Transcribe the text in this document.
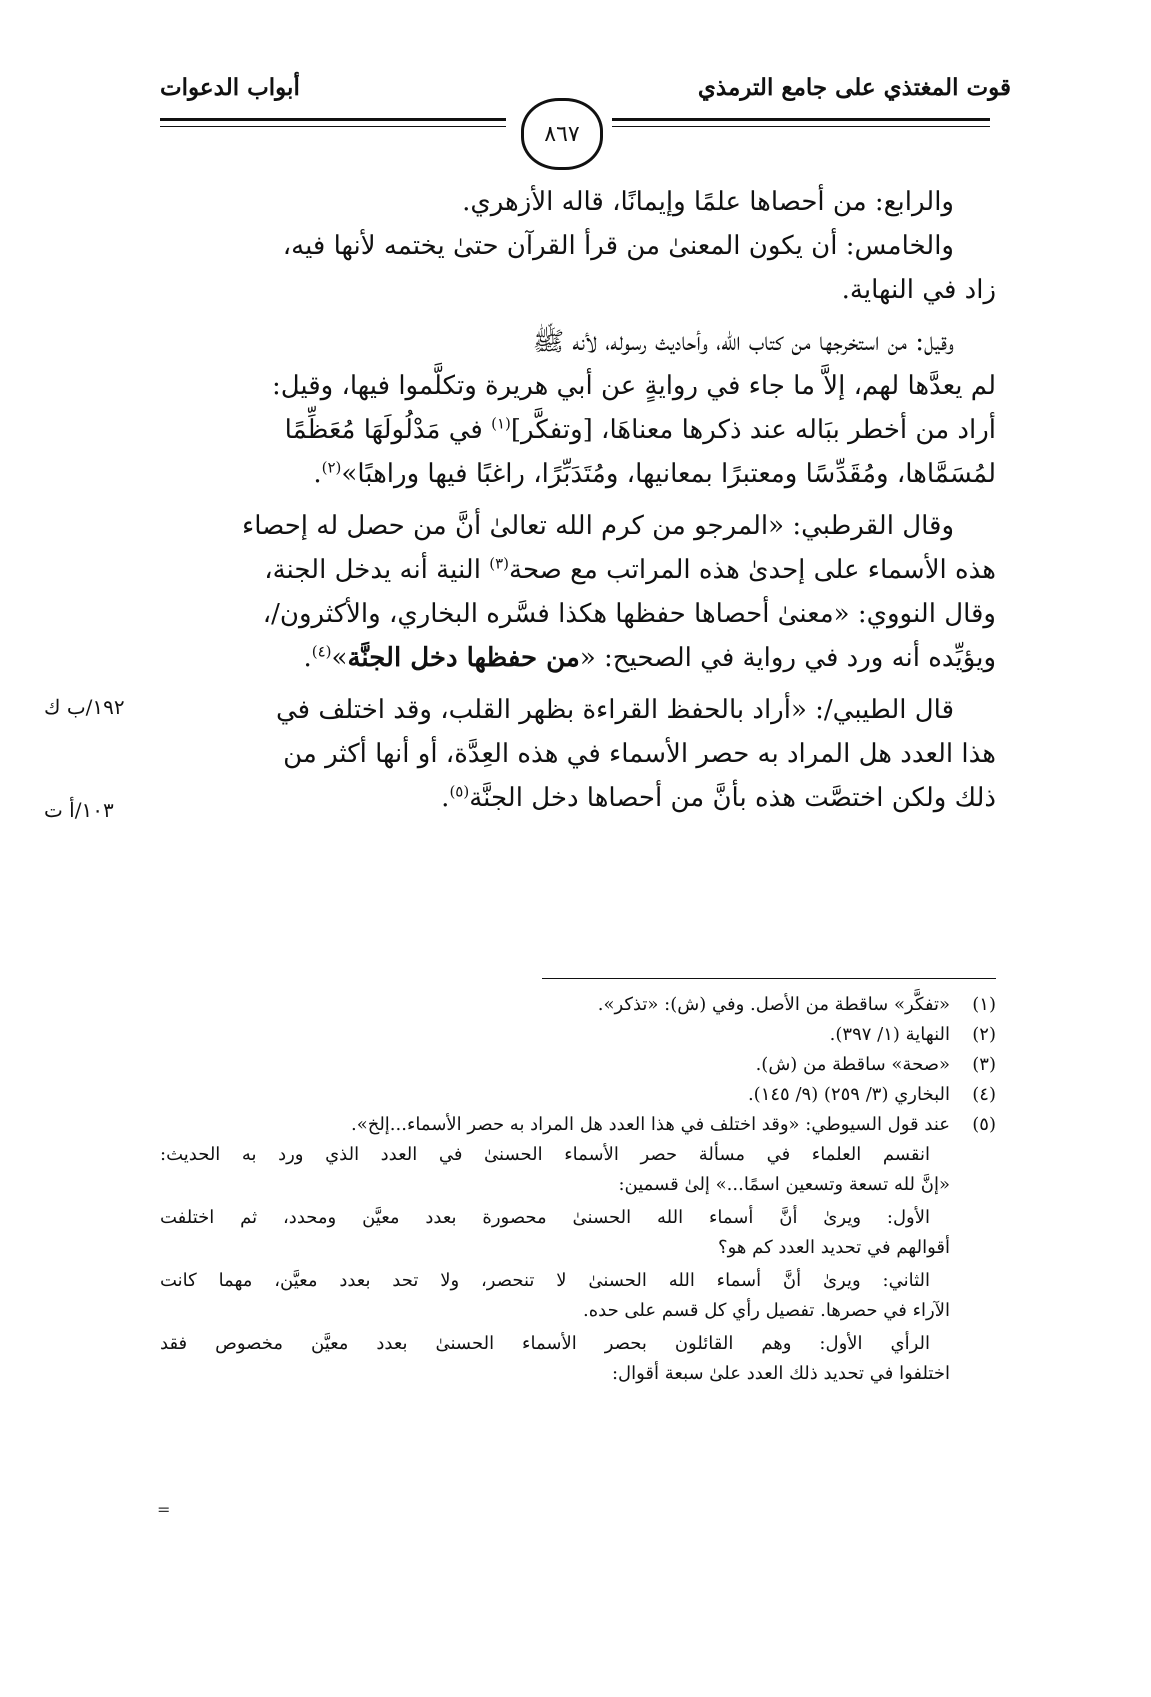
قوت المغتذي على جامع الترمذي
أبواب الدعوات
٨٦٧
والرابع: من أحصاها علمًا وإيمانًا، قاله الأزهري.
والخامس: أن يكون المعنىٰ من قرأ القرآن حتىٰ يختمه لأنها فيه،
زاد في النهاية.
وقيل: من استخرجها من كتاب الله، وأحاديث رسوله، لأنه ﷺ
لم يعدَّها لهم، إلاَّ ما جاء في روايةٍ عن أبي هريرة وتكلَّموا فيها، وقيل:
أراد من أخطر ببَاله عند ذكرها معناهَا، [وتفكَّر]$^{(١)}$ في مَدْلُولَهَا مُعَظِّمًا
لمُسَمَّاها، ومُقَدِّسًا ومعتبرًا بمعانيها، ومُتَدَبِّرًا، راغبًا فيها وراهبًا»$^{(٢)}$.
وقال القرطبي: «المرجو من كرم الله تعالىٰ أنَّ من حصل له إحصاء
هذه الأسماء على إحدىٰ هذه المراتب مع صحة$^{(٣)}$ النية أنه يدخل الجنة،
وقال النووي: «معنىٰ أحصاها حفظها هكذا فسَّره البخاري، والأكثرون/،
ويؤيِّده أنه ورد في رواية في الصحيح: «من حفظها دخل الجنَّة»$^{(٤)}$.
قال الطيبي/: «أراد بالحفظ القراءة بظهر القلب، وقد اختلف في
هذا العدد هل المراد به حصر الأسماء في هذه العِدَّة، أو أنها أكثر من
ذلك ولكن اختصَّت هذه بأنَّ من أحصاها دخل الجنَّة$^{(٥)}$.
١٩٢/ب ك
١٠٣/أ ت
(١)
«تفكَّر» ساقطة من الأصل. وفي (ش): «تذكر».
(٢)
النهاية (١/ ٣٩٧).
(٣)
«صحة» ساقطة من (ش).
(٤)
البخاري (٣/ ٢٥٩) (٩/ ١٤٥).
(٥)
عند قول السيوطي: «وقد اختلف في هذا العدد هل المراد به حصر الأسماء...إلخ».
انقسم العلماء في مسألة حصر الأسماء الحسنىٰ في العدد الذي ورد به الحديث:
«إنَّ لله تسعة وتسعين اسمًا...» إلىٰ قسمين:
الأول: ويرىٰ أنَّ أسماء الله الحسنىٰ محصورة بعدد معيَّن ومحدد، ثم اختلفت
أقوالهم في تحديد العدد كم هو؟
الثاني: ويرىٰ أنَّ أسماء الله الحسنىٰ لا تنحصر، ولا تحد بعدد معيَّن، مهما كانت
الآراء في حصرها. تفصيل رأي كل قسم على حده.
الرأي الأول: وهم القائلون بحصر الأسماء الحسنىٰ بعدد معيَّن مخصوص فقد
اختلفوا في تحديد ذلك العدد علىٰ سبعة أقوال:
=
